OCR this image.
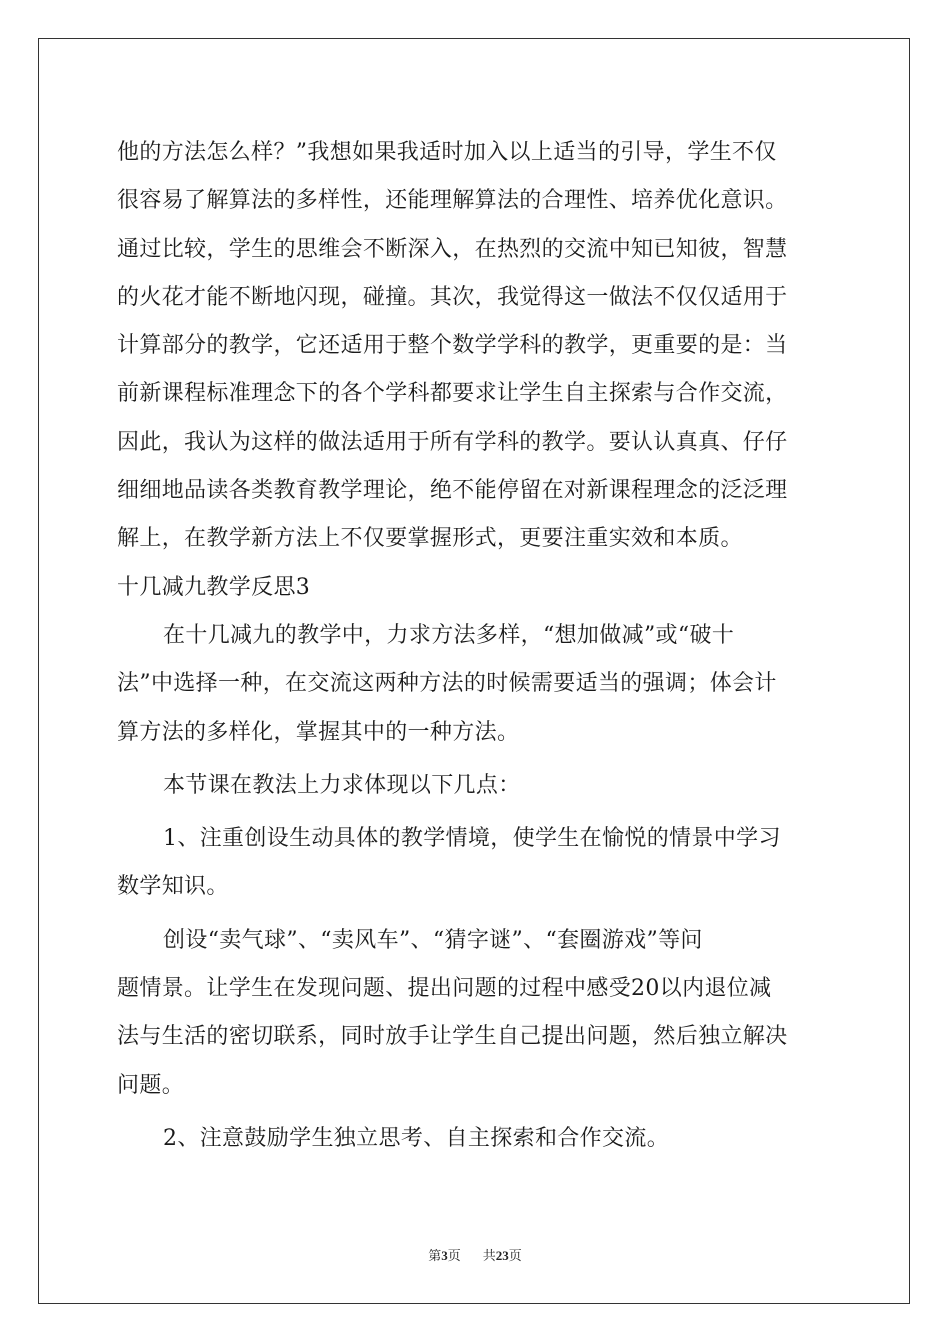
他的方法怎么样？”我想如果我适时加入以上适当的引导，学生不仅
很容易了解算法的多样性，还能理解算法的合理性、培养优化意识。
通过比较，学生的思维会不断深入，在热烈的交流中知已知彼，智慧
的火花才能不断地闪现，碰撞。其次，我觉得这一做法不仅仅适用于
计算部分的教学，它还适用于整个数学学科的教学，更重要的是：当
前新课程标准理念下的各个学科都要求让学生自主探索与合作交流，
因此，我认为这样的做法适用于所有学科的教学。要认认真真、仔仔
细细地品读各类教育教学理论，绝不能停留在对新课程理念的泛泛理
解上，在教学新方法上不仅要掌握形式，更要注重实效和本质。
十几减九教学反思3
在十几减九的教学中，力求方法多样，“想加做减”或“破十
法”中选择一种，在交流这两种方法的时候需要适当的强调；体会计
算方法的多样化，掌握其中的一种方法。
本节课在教法上力求体现以下几点：
1、注重创设生动具体的教学情境，使学生在愉悦的情景中学习
数学知识。
创设“卖气球”、“卖风车”、“猜字谜”、“套圈游戏”等问
题情景。让学生在发现问题、提出问题的过程中感受20以内退位减
法与生活的密切联系，同时放手让学生自己提出问题，然后独立解决
问题。
2、注意鼓励学生独立思考、自主探索和合作交流。
第3页 共23页
